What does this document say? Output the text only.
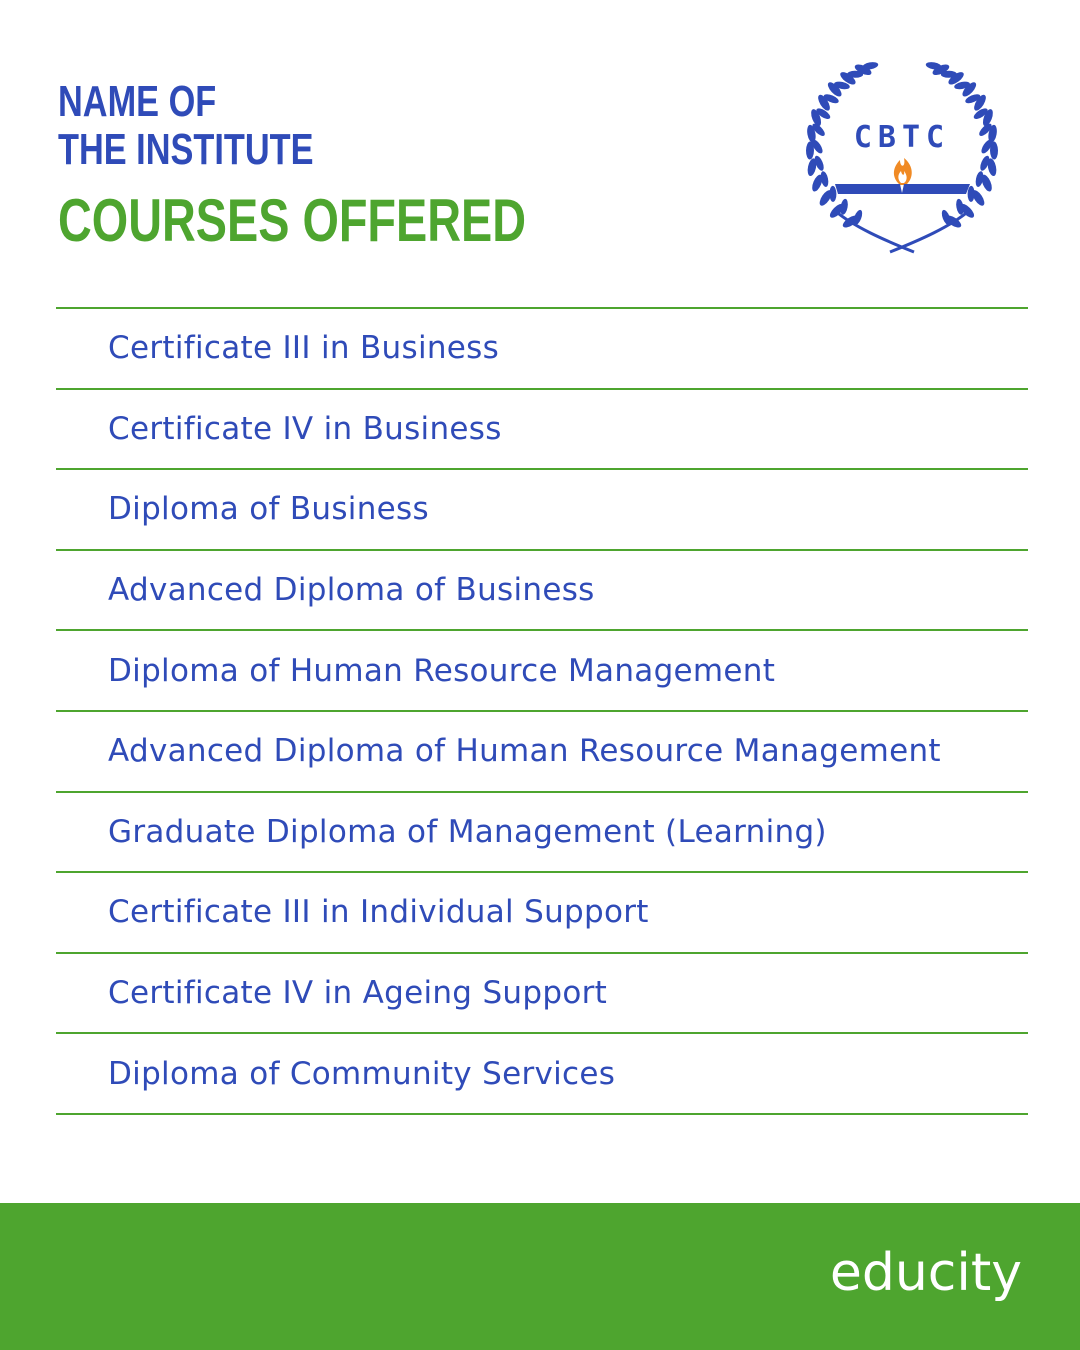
NAME OF
THE INSTITUTE
COURSES OFFERED
CBTC
Certificate III in Business
Certificate IV in Business
Diploma of Business
Advanced Diploma of Business
Diploma of Human Resource Management
Advanced Diploma of Human Resource Management
Graduate Diploma of Management (Learning)
Certificate III in Individual Support
Certificate IV in Ageing Support
Diploma of Community Services
educity
